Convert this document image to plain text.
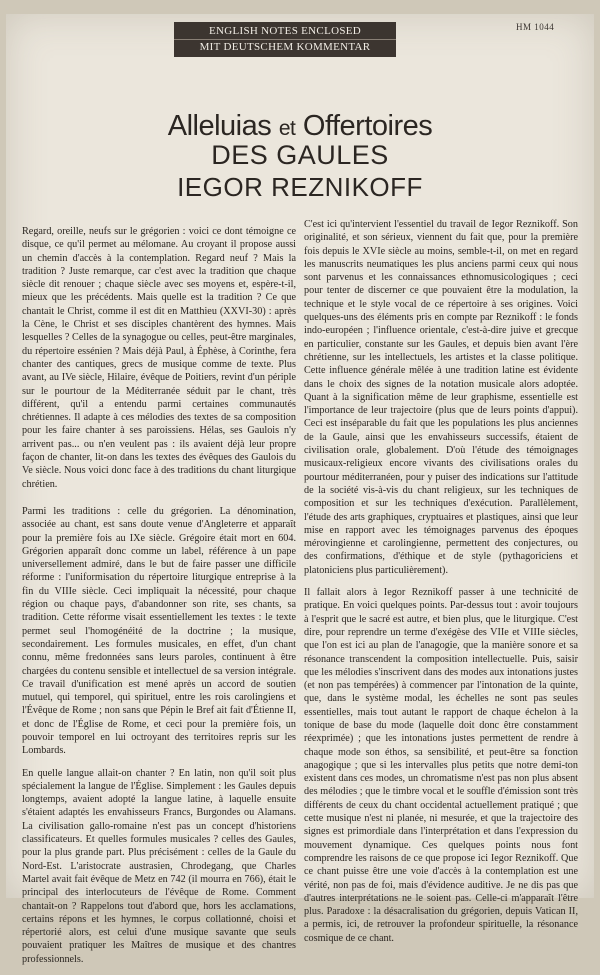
ENGLISH NOTES ENCLOSED
MIT DEUTSCHEM KOMMENTAR
HM 1044
Alleluias et Offertoires
DES GAULES
IEGOR REZNIKOFF

Regard, oreille, neufs sur le grégorien : voici ce dont témoigne ce disque, ce qu'il permet au mélomane. Au croyant il propose aussi un chemin d'accès à la contemplation. Regard neuf ? Mais la tradition ? Juste remarque, car c'est avec la tradition que chaque siècle dit renouer ; chaque siècle avec ses moyens et, espère-t-il, mieux que les précédents. Mais quelle est la tradition ? Ce que chantait le Christ, comme il est dit en Matthieu (XXVI-30) : après la Cène, le Christ et ses disciples chantèrent des hymnes. Mais lesquelles ? Celles de la synagogue ou celles, peut-être marginales, du répertoire essénien ? Mais déjà Paul, à Éphèse, à Corinthe, fera chanter des cantiques, grecs de musique comme de texte. Plus avant, au IVe siècle, Hilaire, évêque de Poitiers, revint d'un périple sur le pourtour de la Méditerranée séduit par le chant, très différent, qu'il a entendu parmi certaines communautés chrétiennes. Il adapte à ces mélodies des textes de sa composition pour les faire chanter à ses paroissiens. Hélas, ses Gaulois n'y arrivent pas... ou n'en veulent pas : ils avaient déjà leur propre façon de chanter, lit-on dans les textes des évêques des Gaulois du Ve siècle. Nous voici donc face à des traditions du chant liturgique chrétien.

Parmi les traditions : celle du grégorien. La dénomination, associée au chant, est sans doute venue d'Angleterre et apparaît pour la première fois au IXe siècle. Grégoire était mort en 604. Grégorien apparaît donc comme un label, référence à un pape universellement admiré, dans le but de faire passer une difficile réforme : l'uniformisation du répertoire liturgique entreprise à la fin du VIIIe siècle. Ceci impliquait la nécessité, pour chaque région ou chaque pays, d'abandonner son rite, ses chants, sa tradition. Cette réforme visait essentiellement les textes : le texte permet seul l'homogénéité de la doctrine ; la musique, secondairement. Les formules musicales, en effet, d'un chant connu, même fredonnées sans leurs paroles, continuent à être chargées du contenu sensible et intellectuel de sa version intégrale. Ce travail d'unification est mené après un accord de soutien mutuel, qui temporel, qui spirituel, entre les rois carolingiens et l'Évêque de Rome ; non sans que Pépin le Bref ait fait d'Étienne II, et donc de l'Église de Rome, et ceci pour la première fois, un pouvoir temporel en lui octroyant des territoires repris sur les Lombards.

En quelle langue allait-on chanter ? En latin, non qu'il soit plus spécialement la langue de l'Église. Simplement : les Gaules depuis longtemps, avaient adopté la langue latine, à laquelle ensuite s'étaient adaptés les envahisseurs Francs, Burgondes ou Alamans. La civilisation gallo-romaine n'est pas un concept d'historiens classificateurs. Et quelles formules musicales ? celles des Gaules, pour la plus grande part. Plus précisément : celles de la Gaule du Nord-Est. L'aristocrate austrasien, Chrodegang, que Charles Martel avait fait évêque de Metz en 742 (il mourra en 766), était le principal des interlocuteurs de l'évêque de Rome. Comment chantait-on ? Rappelons tout d'abord que, hors les acclamations, certains répons et les hymnes, le corpus collationné, choisi et répertorié alors, est celui d'une musique savante que seuls pouvaient pratiquer les Maîtres de musique et des chantres professionnels.

C'est ici qu'intervient l'essentiel du travail de Iegor Reznikoff. Son originalité, et son sérieux, viennent du fait que, pour la première fois depuis le XVIe siècle au moins, semble-t-il, on met en regard les manuscrits neumatiques les plus anciens parmi ceux qui nous sont parvenus et les connaissances ethnomusicologiques ; ceci pour tenter de discerner ce que pouvaient être la modulation, la technique et le style vocal de ce répertoire à ses origines. Voici quelques-uns des éléments pris en compte par Reznikoff : le fonds indo-européen ; l'influence orientale, c'est-à-dire juive et grecque en particulier, constante sur les Gaules, et depuis bien avant l'ère chrétienne, sur les intellectuels, les artistes et la classe politique. Cette influence générale mêlée à une tradition latine est évidente dans le choix des signes de la notation musicale alors adoptée. Quant à la signification même de leur graphisme, essentielle est l'importance de leur trajectoire (plus que de leurs points d'appui). Ceci est inséparable du fait que les populations les plus anciennes de la Gaule, ainsi que les envahisseurs successifs, étaient de civilisation orale, globalement. D'où l'étude des témoignages musicaux-religieux encore vivants des civilisations orales du pourtour méditerranéen, pour y puiser des indications sur l'attitude de la société vis-à-vis du chant religieux, sur les techniques de composition et sur les techniques d'exécution. Parallèlement, l'étude des arts graphiques, cryptuaires et plastiques, ainsi que leur mise en rapport avec les témoignages parvenus des époques mérovingienne et carolingienne, permettent des conjectures, ou des confirmations, d'éthique et de style (pythagoriciens et platoniciens plus particulièrement).

Il fallait alors à Iegor Reznikoff passer à une technicité de pratique. En voici quelques points. Par-dessus tout : avoir toujours à l'esprit que le sacré est autre, et bien plus, que le liturgique. C'est dire, pour reprendre un terme d'exégèse des VIIe et VIIIe siècles, que l'on est ici au plan de l'anagogie, que la manière sonore et sa résonance transcendent la composition intellectuelle. Puis, saisir que les mélodies s'inscrivent dans des modes aux intonations justes (et non pas tempérées) à commencer par l'intonation de la quinte, que, dans le système modal, les échelles ne sont pas seules essentielles, mais tout autant le rapport de chaque échelon à la tonique de base du mode (laquelle doit donc être constamment réexprimée) ; que les intonations justes permettent de rendre à chaque mode son éthos, sa sensibilité, et peut-être sa fonction anagogique ; que si les intervalles plus petits que notre demi-ton existent dans ces modes, un chromatisme n'est pas non plus absent des mélodies ; que le timbre vocal et le souffle d'émission sont très différents de ceux du chant occidental actuellement pratiqué ; que cette musique n'est ni planée, ni mesurée, et que la trajectoire des signes est primordiale dans l'interprétation et dans l'expression du mouvement dynamique. Ces quelques points nous font comprendre les raisons de ce que propose ici Iegor Reznikoff. Que ce chant puisse être une voie d'accès à la contemplation est une vérité, non pas de foi, mais d'évidence auditive. Je ne dis pas que d'autres interprétations ne le soient pas. Celle-ci m'apparaît l'être plus. Paradoxe : la désacralisation du grégorien, depuis Vatican II, a permis, ici, de retrouver la profondeur spirituelle, la résonance cosmique de ce chant.
